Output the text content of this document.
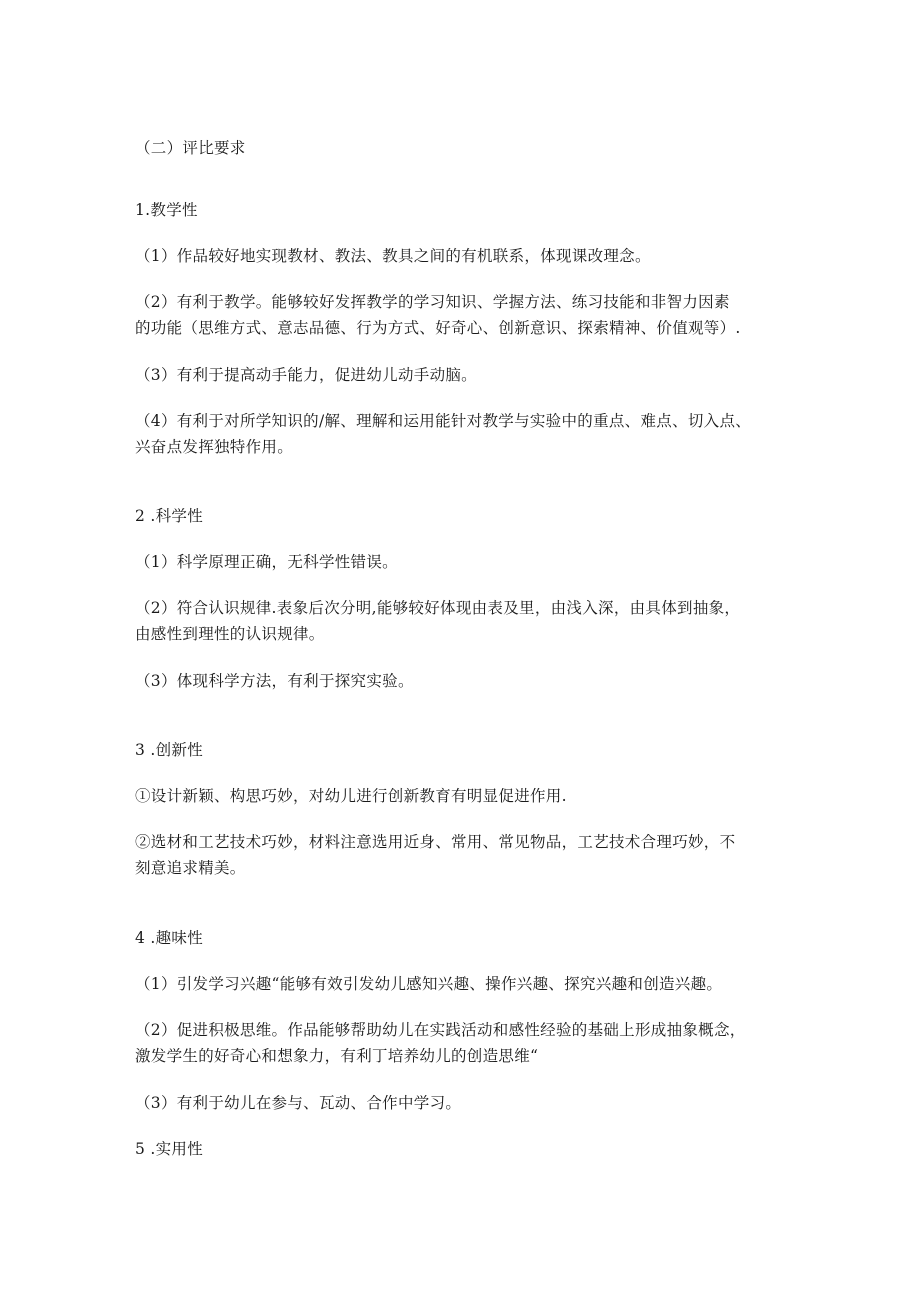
（二）评比要求
1.教学性
（1）作品较好地实现教材、教法、教具之间的有机联系，体现课改理念。
（2）有利于教学。能够较好发挥教学的学习知识、学握方法、练习技能和非智力因素
的功能（思维方式、意志品德、行为方式、好奇心、创新意识、探索精神、价值观等）.
（3）有利于提高动手能力，促进幼儿动手动脑。
（4）有利于对所学知识的/解、理解和运用能针对教学与实验中的重点、难点、切入点、
兴奋点发挥独特作用。
2 .科学性
（1）科学原理正确，无科学性错误。
（2）符合认识规律.表象后次分明,能够较好体现由表及里，由浅入深，由具体到抽象，
由感性到理性的认识规律。
（3）体现科学方法，有利于探究实验。
3 .创新性
①设计新颖、构思巧妙，对幼儿进行创新教育有明显促进作用.
②选材和工艺技术巧妙，材料注意选用近身、常用、常见物品，工艺技术合理巧妙，不
刻意追求精美。
4 .趣味性
（1）引发学习兴趣“能够有效引发幼儿感知兴趣、操作兴趣、探究兴趣和创造兴趣。
（2）促进积极思维。作品能够帮助幼儿在实践活动和感性经验的基础上形成抽象概念，
激发学生的好奇心和想象力，有利丁培养幼儿的创造思维“
（3）有利于幼儿在参与、瓦动、合作中学习。
5 .实用性
